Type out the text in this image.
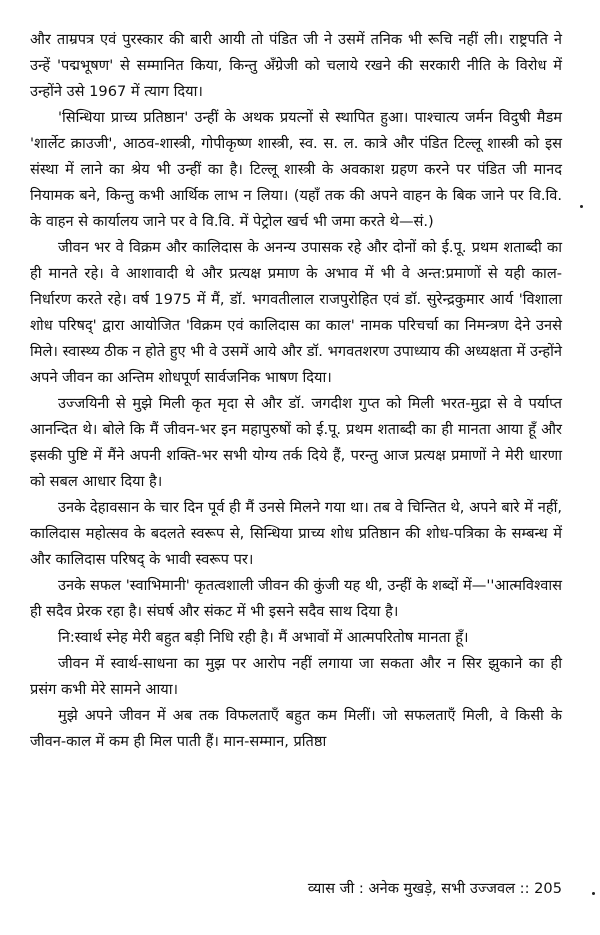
और ताम्रपत्र एवं पुरस्कार की बारी आयी तो पंडित जी ने उसमें तनिक भी रूचि नहीं ली। राष्ट्रपति ने उन्हें 'पद्मभूषण' से सम्मानित किया, किन्तु अँग्रेजी को चलाये रखने की सरकारी नीति के विरोध में उन्होंने उसे 1967 में त्याग दिया।

'सिन्धिया प्राच्य प्रतिष्ठान' उन्हीं के अथक प्रयत्नों से स्थापित हुआ। पाश्चात्य जर्मन विदुषी मैडम 'शार्लेट क्राउजी', आठव-शास्त्री, गोपीकृष्ण शास्त्री, स्व. स. ल. कात्रे और पंडित टिल्लू शास्त्री को इस संस्था में लाने का श्रेय भी उन्हीं का है। टिल्लू शास्त्री के अवकाश ग्रहण करने पर पंडित जी मानद नियामक बने, किन्तु कभी आर्थिक लाभ न लिया। (यहाँ तक की अपने वाहन के बिक जाने पर वि.वि. के वाहन से कार्यालय जाने पर वे वि.वि. में पेट्रोल खर्च भी जमा करते थे—सं.)

जीवन भर वे विक्रम और कालिदास के अनन्य उपासक रहे और दोनों को ई.पू. प्रथम शताब्दी का ही मानते रहे। वे आशावादी थे और प्रत्यक्ष प्रमाण के अभाव में भी वे अन्त:प्रमाणों से यही काल-निर्धारण करते रहे। वर्ष 1975 में मैं, डॉ. भगवतीलाल राजपुरोहित एवं डॉ. सुरेन्द्रकुमार आर्य 'विशाला शोध परिषद्' द्वारा आयोजित 'विक्रम एवं कालिदास का काल' नामक परिचर्चा का निमन्त्रण देने उनसे मिले। स्वास्थ्य ठीक न होते हुए भी वे उसमें आये और डॉ. भगवतशरण उपाध्याय की अध्यक्षता में उन्होंने अपने जीवन का अन्तिम शोधपूर्ण सार्वजनिक भाषण दिया।

उज्जयिनी से मुझे मिली कृत मृदा से और डॉ. जगदीश गुप्त को मिली भरत-मुद्रा से वे पर्याप्त आनन्दित थे। बोले कि मैं जीवन-भर इन महापुरुषों को ई.पू. प्रथम शताब्दी का ही मानता आया हूँ और इसकी पुष्टि में मैंने अपनी शक्ति-भर सभी योग्य तर्क दिये हैं, परन्तु आज प्रत्यक्ष प्रमाणों ने मेरी धारणा को सबल आधार दिया है।

उनके देहावसान के चार दिन पूर्व ही मैं उनसे मिलने गया था। तब वे चिन्तित थे, अपने बारे में नहीं, कालिदास महोत्सव के बदलते स्वरूप से, सिन्धिया प्राच्य शोध प्रतिष्ठान की शोध-पत्रिका के सम्बन्ध में और कालिदास परिषद् के भावी स्वरूप पर।

उनके सफल 'स्वाभिमानी' कृतत्वशाली जीवन की कुंजी यह थी, उन्हीं के शब्दों में—''आत्मविश्वास ही सदैव प्रेरक रहा है। संघर्ष और संकट में भी इसने सदैव साथ दिया है।

नि:स्वार्थ स्नेह मेरी बहुत बड़ी निधि रही है। मैं अभावों में आत्मपरितोष मानता हूँ।

जीवन में स्वार्थ-साधना का मुझ पर आरोप नहीं लगाया जा सकता और न सिर झुकाने का ही प्रसंग कभी मेरे सामने आया।

मुझे अपने जीवन में अब तक विफलताएँ बहुत कम मिलीं। जो सफलताएँ मिली, वे किसी के जीवन-काल में कम ही मिल पाती हैं। मान-सम्मान, प्रतिष्ठा

व्यास जी : अनेक मुखड़े, सभी उज्जवल :: 205
